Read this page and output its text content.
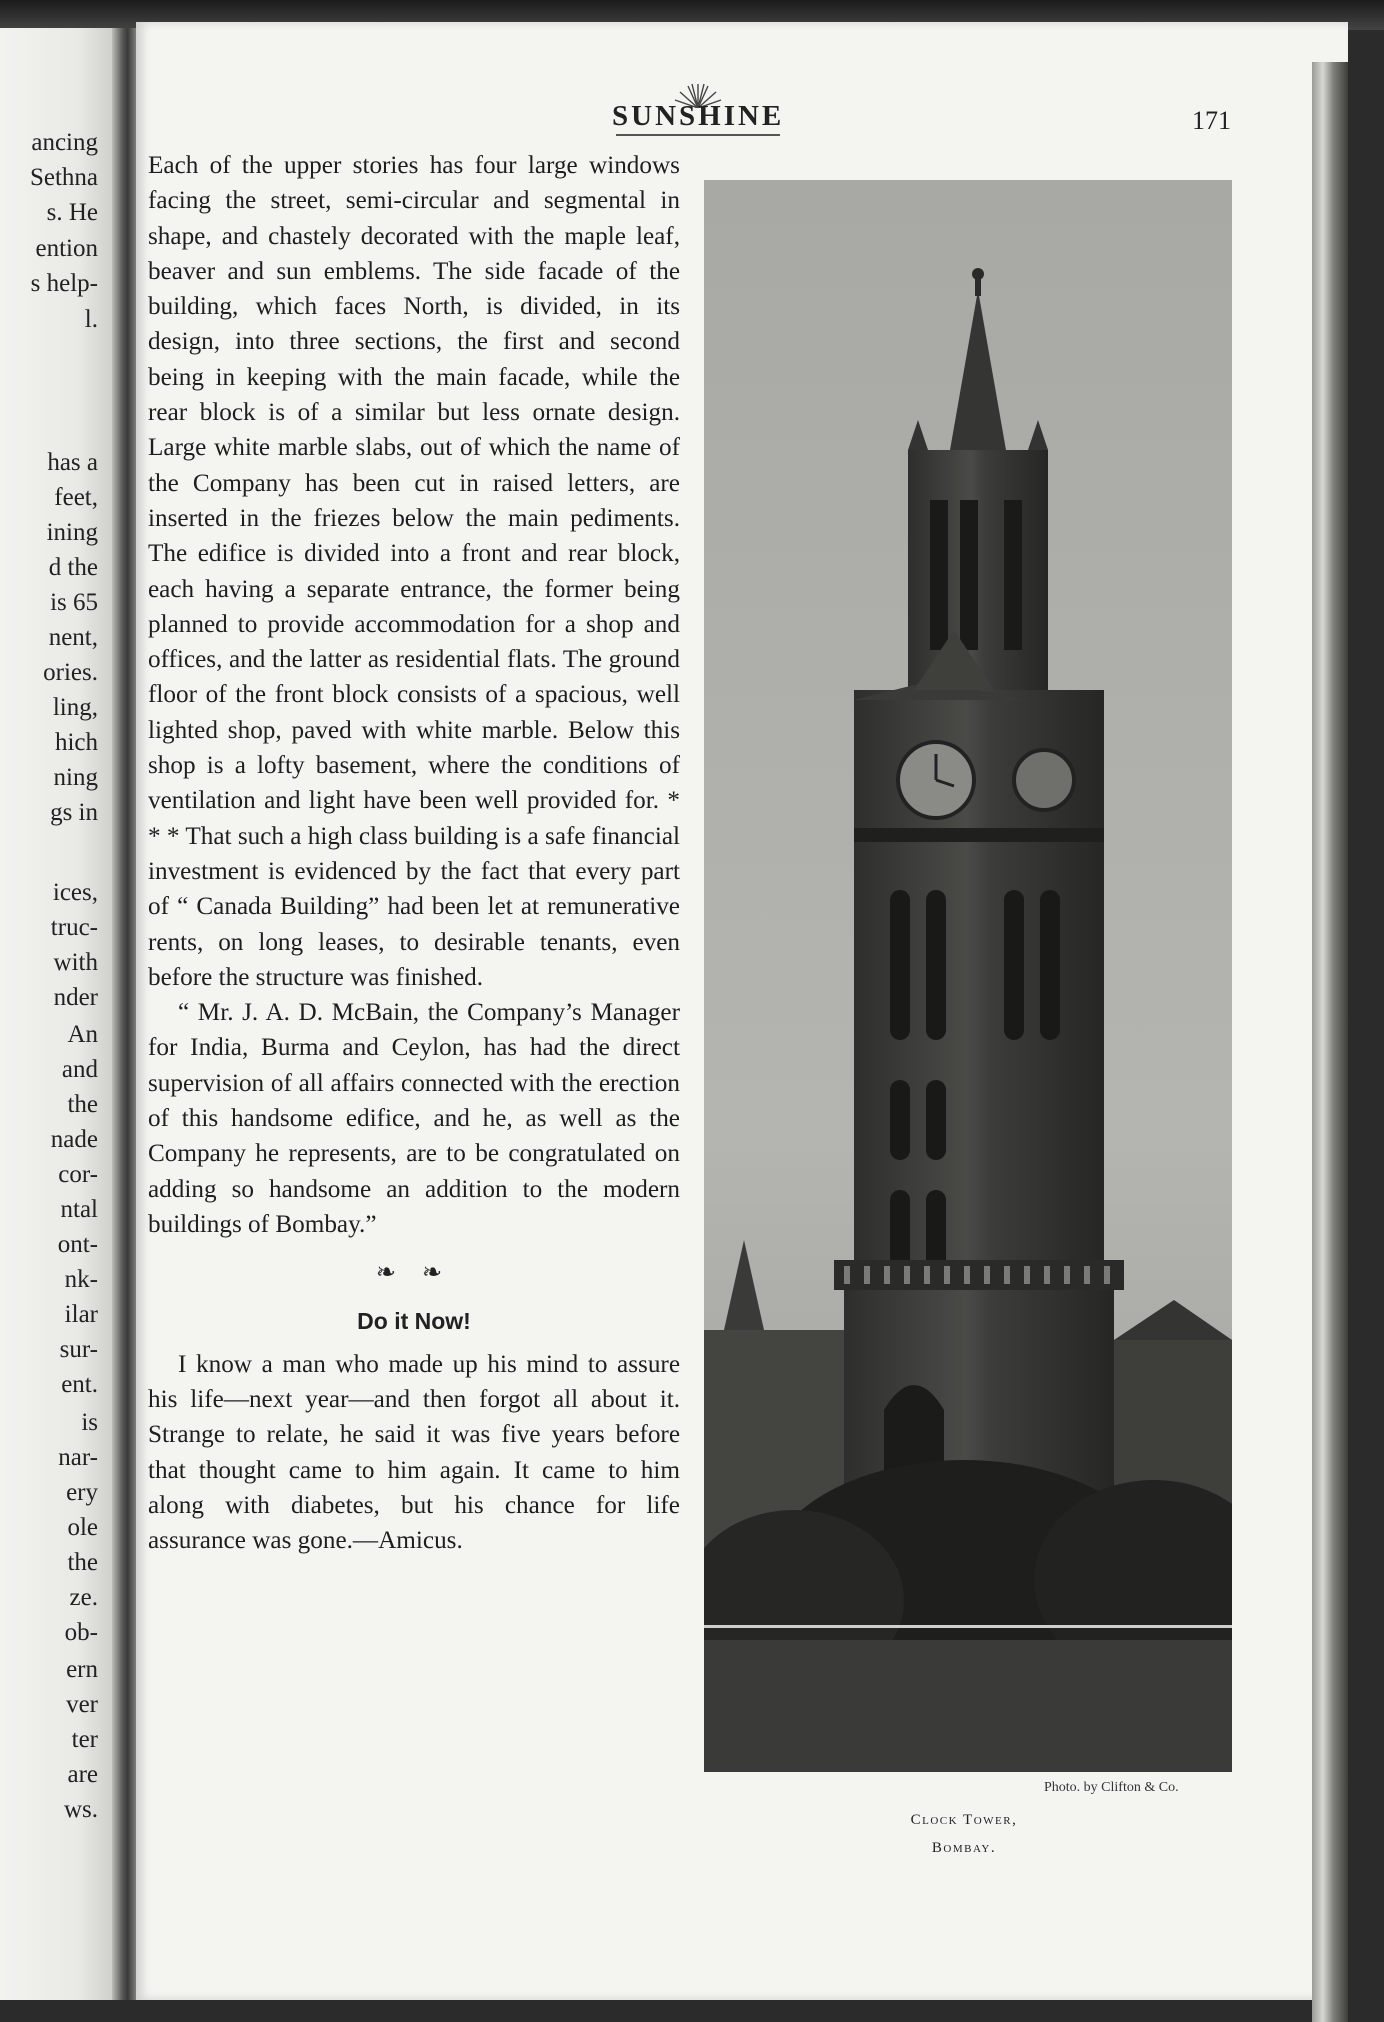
ancing
Sethna
s. He
ention
s help-
l.
has a
feet,
ining
d the
is 65
nent,
ories.
ling,
hich
ning
gs in
ices,
truc-
with
nder
An
and
the
nade
cor-
ntal
ont-
nk-
ilar
sur-
ent.
is
nar-
ery
ole
the
ze.
ob-
ern
ver
ter
are
ws.
SUNSHINE	171

Each of the upper stories has four large windows facing the street, semi-circular and segmental in shape, and chastely decorated with the maple leaf, beaver and sun emblems. The side facade of the building, which faces North, is divided, in its design, into three sections, the first and second being in keeping with the main facade, while the rear block is of a similar but less ornate design. Large white marble slabs, out of which the name of the Company has been cut in raised letters, are inserted in the friezes below the main pediments. The edifice is divided into a front and rear block, each having a separate entrance, the former being planned to provide accommodation for a shop and offices, and the latter as residential flats. The ground floor of the front block consists of a spacious, well lighted shop, paved with white marble. Below this shop is a lofty basement, where the conditions of ventilation and light have been well provided for. * * * That such a high class building is a safe financial investment is evidenced by the fact that every part of “ Canada Building” had been let at remunerative rents, on long leases, to desirable tenants, even before the structure was finished.

“ Mr. J. A. D. McBain, the Company’s Manager for India, Burma and Ceylon, has had the direct supervision of all affairs connected with the erection of this handsome edifice, and he, as well as the Company he represents, are to be congratulated on adding so handsome an addition to the modern buildings of Bombay.”

❧ ❧
Do it Now!

I know a man who made up his mind to assure his life—next year—and then forgot all about it. Strange to relate, he said it was five years before that thought came to him again. It came to him along with diabetes, but his chance for life assurance was gone.—Amicus.

Photo. by Clifton & Co.
Clock Tower,
Bombay.
